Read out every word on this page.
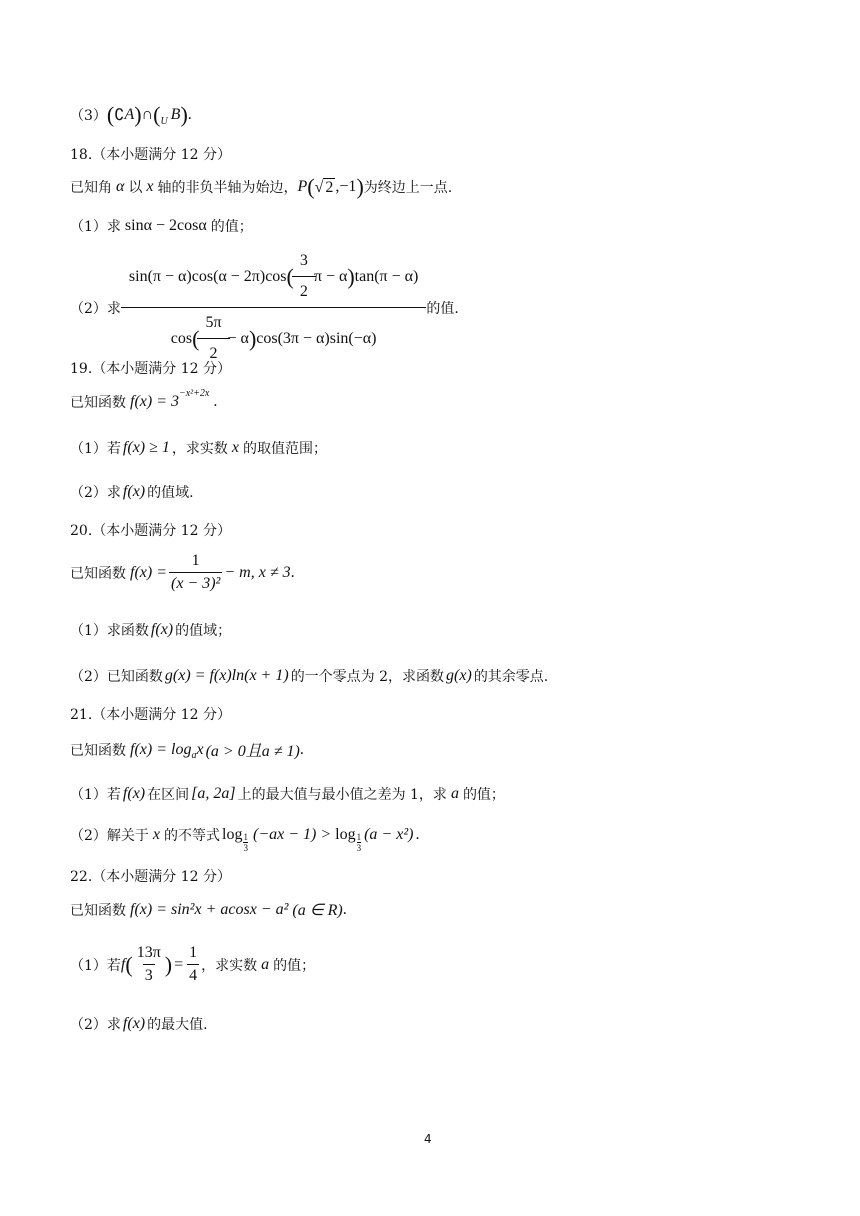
（3） ( ∁ A ) ∩ ( U B ) .
18.（本小题满分 12 分）
已知角 α 以 x 轴的非负半轴为始边， P ( √ 2 ,−1 ) 为终边上一点.
（1）求 sinα − 2cosα 的值；
（2）求
sin(π − α)cos(α − 2π)cos ( $\frac{3}{2}$ π − α ) tan(π − α)
cos ( $\frac{5\pi}{2} - \alpha$ ) cos(3π − α)sin(−α)
的值.
19.（本小题满分 12 分）
已知函数 f(x) = 3 −x²+2x .
（1）若 f(x) ≥ 1 ，求实数 x 的取值范围；
（2）求 f(x) 的值域.
20.（本小题满分 12 分）
已知函数 $f(x) = \frac{1}{\text{(x − 3)²}} - m$, x ≠ 3 .
（1）求函数 f(x) 的值域；
（2）已知函数 g(x) = f(x)ln(x + 1) 的一个零点为 2，求函数 g(x) 的其余零点.
21.（本小题满分 12 分）
已知函数 f(x) = log a x (a > 0且a ≠ 1) .
（1）若 f(x) 在区间 [a, 2a] 上的最大值与最小值之差为 1，求 a 的值；
（2）解关于 x 的不等式 log 1
3
(−ax − 1) > log 1
3
(a − x²) .
22.（本小题满分 12 分）
已知函数 f(x) = sin²x + acosx − a² (a ∈ R) .
（1）若 f ( $\frac{13\pi}{3}$ ) = $\frac{1}{4}$ ，求实数 a 的值；
（2）求 f(x) 的最大值.
4
